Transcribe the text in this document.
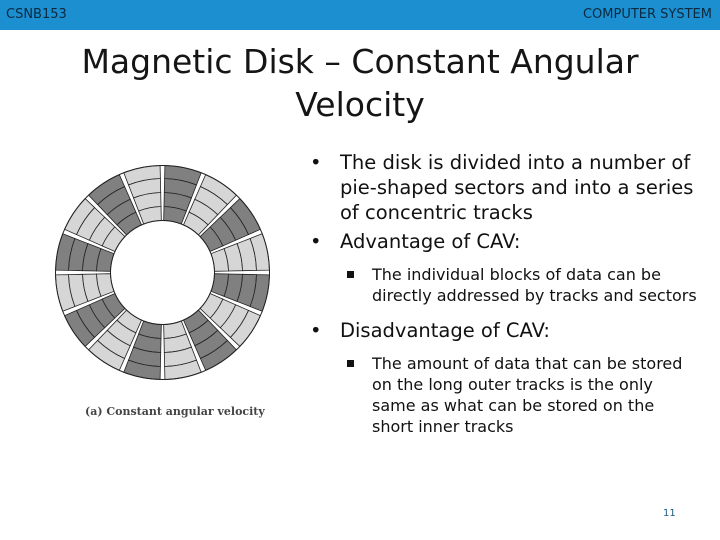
CSNB153	COMPUTER SYSTEM
Magnetic Disk – Constant Angular
Velocity
(a) Constant angular velocity
• The disk is divided into a number of pie-shaped sectors and into a series of concentric tracks
• Advantage of CAV:
The individual blocks of data can be directly addressed by tracks and sectors
• Disadvantage of CAV:
The amount of data that can be stored on the long outer tracks is the only same as what can be stored on the short inner tracks
11
